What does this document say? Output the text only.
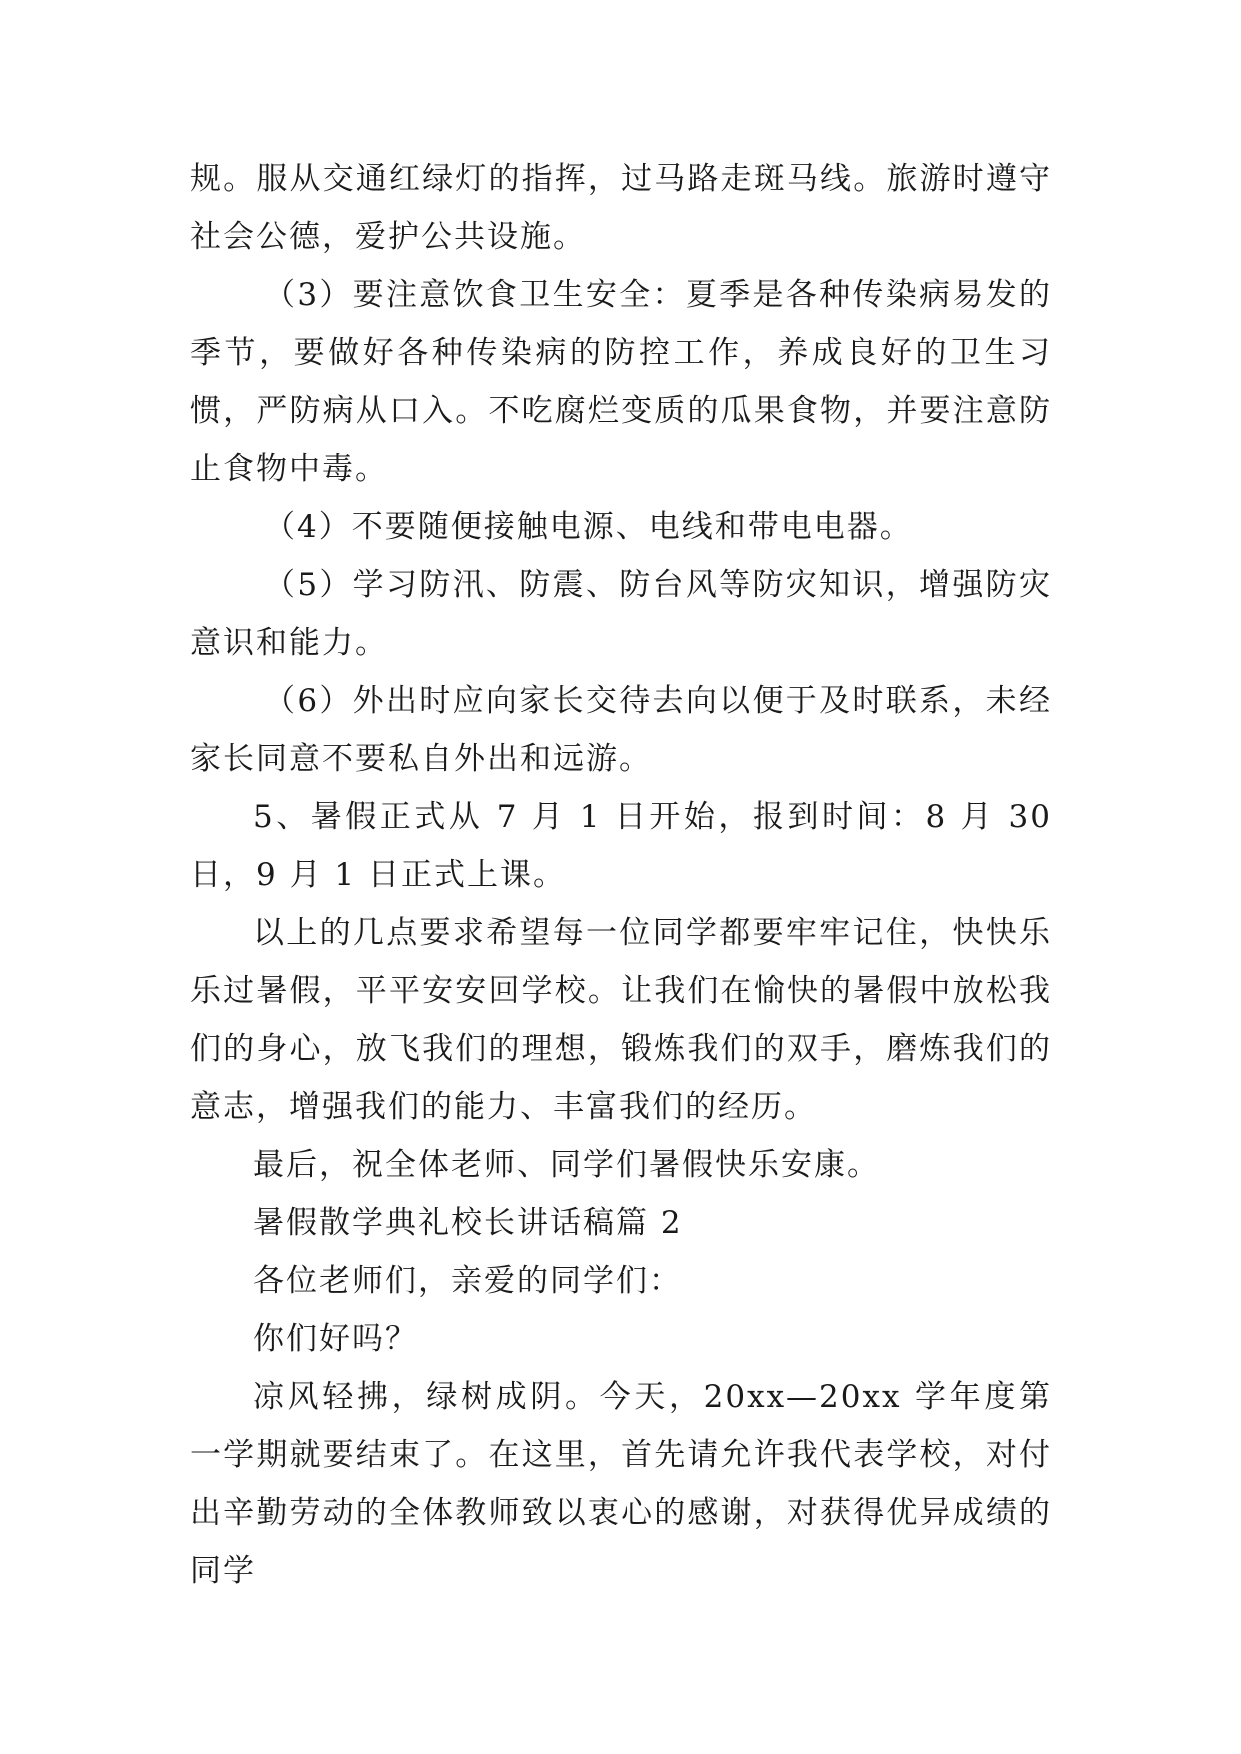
规。服从交通红绿灯的指挥，过马路走斑马线。旅游时遵守社会公德，爱护公共设施。

（3）要注意饮食卫生安全：夏季是各种传染病易发的季节，要做好各种传染病的防控工作，养成良好的卫生习惯，严防病从口入。不吃腐烂变质的瓜果食物，并要注意防止食物中毒。

（4）不要随便接触电源、电线和带电电器。

（5）学习防汛、防震、防台风等防灾知识，增强防灾意识和能力。

（6）外出时应向家长交待去向以便于及时联系，未经家长同意不要私自外出和远游。

5、暑假正式从 7 月 1 日开始，报到时间：8 月 30 日，9 月 1 日正式上课。

以上的几点要求希望每一位同学都要牢牢记住，快快乐乐过暑假，平平安安回学校。让我们在愉快的暑假中放松我们的身心，放飞我们的理想，锻炼我们的双手，磨炼我们的意志，增强我们的能力、丰富我们的经历。

最后，祝全体老师、同学们暑假快乐安康。

暑假散学典礼校长讲话稿篇 2

各位老师们，亲爱的同学们：

你们好吗？

凉风轻拂，绿树成阴。今天，20xx—20xx 学年度第一学期就要结束了。在这里，首先请允许我代表学校，对付出辛勤劳动的全体教师致以衷心的感谢，对获得优异成绩的同学
